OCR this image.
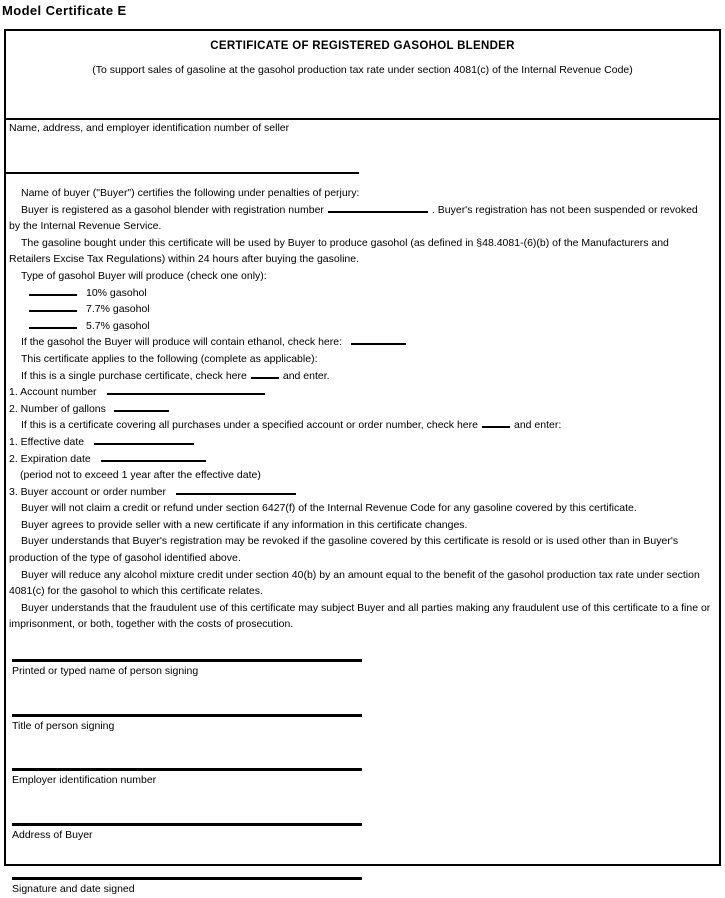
Model Certificate E
CERTIFICATE OF REGISTERED GASOHOL BLENDER
(To support sales of gasoline at the gasohol production tax rate under section 4081(c) of the Internal Revenue Code)
Name, address, and employer identification number of seller
Name of buyer ("Buyer") certifies the following under penalties of perjury:
Buyer is registered as a gasohol blender with registration number	. Buyer's registration has not been suspended or revoked by the Internal Revenue Service.
The gasoline bought under this certificate will be used by Buyer to produce gasohol (as defined in §48.4081-(6)(b) of the Manufacturers and Retailers Excise Tax Regulations) within 24 hours after buying the gasoline.
Type of gasohol Buyer will produce (check one only):
10% gasohol
7.7% gasohol
5.7% gasohol
If the gasohol the Buyer will produce will contain ethanol, check here:
This certificate applies to the following (complete as applicable):
If this is a single purchase certificate, check here	and enter.
1. Account number
2. Number of gallons
If this is a certificate covering all purchases under a specified account or order number, check here	and enter:
1. Effective date
2. Expiration date
(period not to exceed 1 year after the effective date)
3. Buyer account or order number
Buyer will not claim a credit or refund under section 6427(f) of the Internal Revenue Code for any gasoline covered by this certificate.
Buyer agrees to provide seller with a new certificate if any information in this certificate changes.
Buyer understands that Buyer's registration may be revoked if the gasoline covered by this certificate is resold or is used other than in Buyer's production of the type of gasohol identified above.
Buyer will reduce any alcohol mixture credit under section 40(b) by an amount equal to the benefit of the gasohol production tax rate under section 4081(c) for the gasohol to which this certificate relates.
Buyer understands that the fraudulent use of this certificate may subject Buyer and all parties making any fraudulent use of this certificate to a fine or imprisonment, or both, together with the costs of prosecution.
Printed or typed name of person signing
Title of person signing
Employer identification number
Address of Buyer
Signature and date signed
